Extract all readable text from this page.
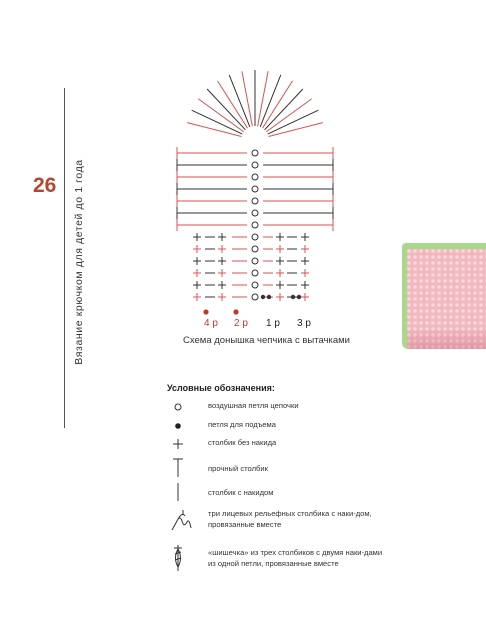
26 Вязание крючком для детей до 1 года	4 р 2 р 1 р 3 р
Схема донышка чепчика с вытачками
Условные обозначения:
воздушная петля цепочки
петля для подъема
столбик без накида
прочный столбик
столбик с накидом
три лицевых рельефных столбика с наки-дом, провязанные вместе
«шишечка» из трех столбиков с двумя наки-дами из одной петли, провязанные вместе
